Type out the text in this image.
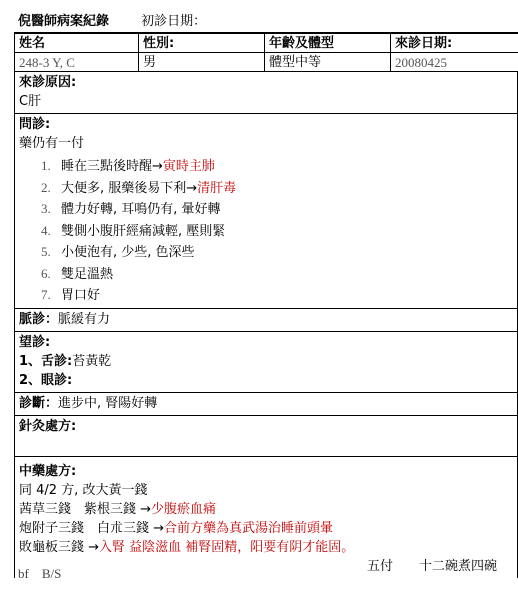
倪醫師病案紀錄 初診日期：
姓名	性別:	年齡及體型	來診日期:
248-3 Y, C	男	體型中等	20080425
來診原因:
C肝
問診:
藥仍有一付
1. 睡在三點後時醒→寅時主肺
2. 大便多, 服藥後易下利→清肝毒
3. 體力好轉, 耳鳴仍有, 暈好轉
4. 雙側小腹肝經痛減輕, 壓則緊
5. 小便泡有, 少些, 色深些
6. 雙足溫熱
7. 胃口好
脈診：脈緩有力
望診:
1、舌診:苔黃乾
2、眼診:
診斷：進步中, 腎陽好轉
針灸處方:
中藥處方:
同 4/2 方, 改大黃一錢
茜草三錢　紫根三錢 →少腹瘀血痛
炮附子三錢　白朮三錢 →合前方藥為真武湯治睡前頭暈
敗龜板三錢 →入腎 益陰滋血 補腎固精，阳要有阴才能固。
五付　　十二碗煮四碗
bf　B/S
